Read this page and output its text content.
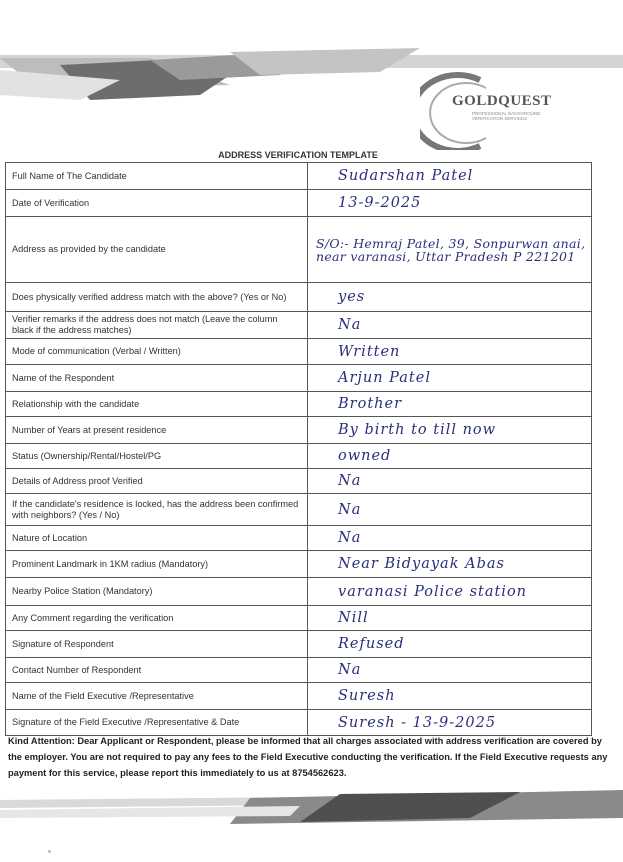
GOLDQUEST
PROFESSIONAL BACKGROUND VERIFICATION SERVICES
ADDRESS VERIFICATION TEMPLATE
Full Name of The Candidate	Sudarshan Patel
Date of Verification	13-9-2025
Address as provided by the candidate	S/O:- Hemraj Patel, 39, Sonpurwan anai, near varanasi, Uttar Pradesh P 221201
Does physically verified address match with the above? (Yes or No)	yes
Verifier remarks if the address does not match (Leave the column black if the address matches)	Na
Mode of communication (Verbal / Written)	Written
Name of the Respondent	Arjun Patel
Relationship with the candidate	Brother
Number of Years at present residence	By birth to till now
Status (Ownership/Rental/Hostel/PG	owned
Details of Address proof Verified	Na
If the candidate's residence is locked, has the address been confirmed with neighbors? (Yes / No)	Na
Nature of Location	Na
Prominent Landmark in 1KM radius (Mandatory)	Near Bidyayak Abas
Nearby Police Station (Mandatory)	varanasi Police station
Any Comment regarding the verification	Nill
Signature of Respondent	Refused
Contact Number of Respondent	Na
Name of the Field Executive /Representative	Suresh
Signature of the Field Executive /Representative & Date	Suresh - 13-9-2025
Kind Attention: Dear Applicant or Respondent, please be informed that all charges associated with address verification are covered by the employer. You are not required to pay any fees to the Field Executive conducting the verification. If the Field Executive requests any payment for this service, please report this immediately to us at 8754562623.
